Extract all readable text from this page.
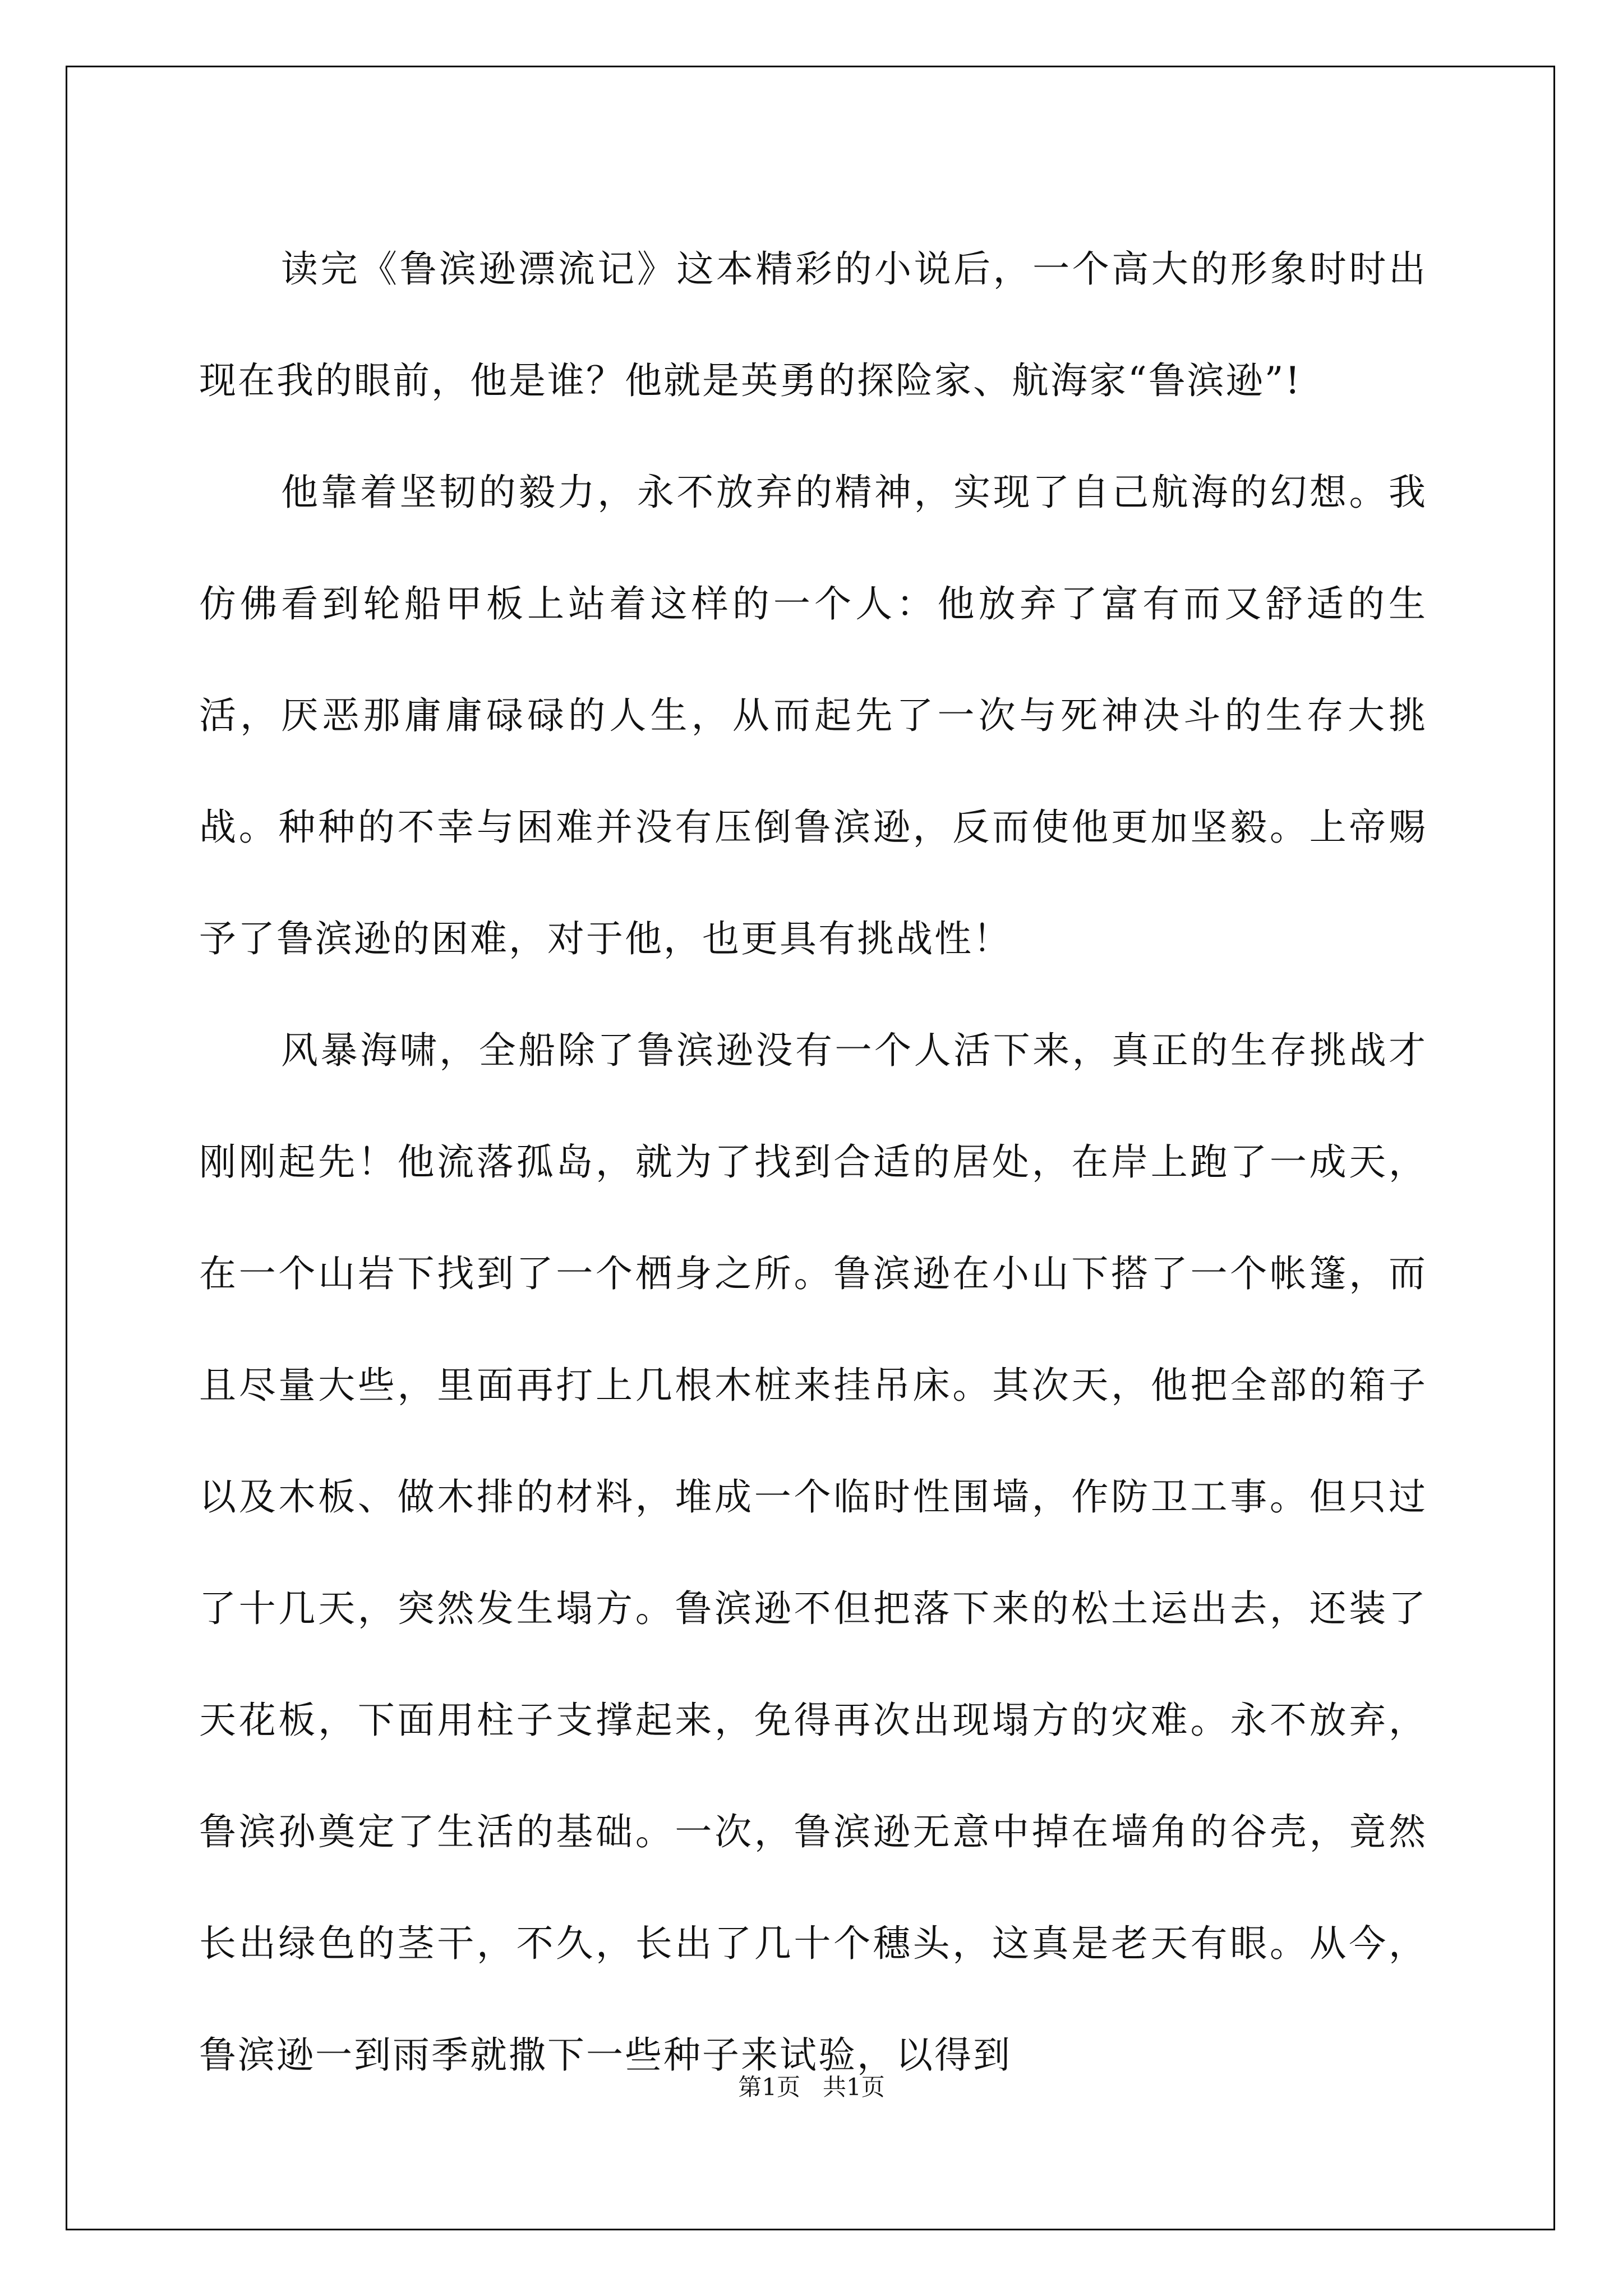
读完《鲁滨逊漂流记》这本精彩的小说后，一个高大的形象时时出现在我的眼前，他是谁？他就是英勇的探险家、航海家“鲁滨逊”!

他靠着坚韧的毅力，永不放弃的精神，实现了自己航海的幻想。我仿佛看到轮船甲板上站着这样的一个人：他放弃了富有而又舒适的生活，厌恶那庸庸碌碌的人生，从而起先了一次与死神决斗的生存大挑战。种种的不幸与困难并没有压倒鲁滨逊，反而使他更加坚毅。上帝赐予了鲁滨逊的困难，对于他，也更具有挑战性！

风暴海啸，全船除了鲁滨逊没有一个人活下来，真正的生存挑战才刚刚起先！他流落孤岛，就为了找到合适的居处，在岸上跑了一成天，在一个山岩下找到了一个栖身之所。鲁滨逊在小山下搭了一个帐篷，而且尽量大些，里面再打上几根木桩来挂吊床。其次天，他把全部的箱子以及木板、做木排的材料，堆成一个临时性围墙，作防卫工事。但只过了十几天，突然发生塌方。鲁滨逊不但把落下来的松土运出去，还装了天花板，下面用柱子支撑起来，免得再次出现塌方的灾难。永不放弃，鲁滨孙奠定了生活的基础。一次，鲁滨逊无意中掉在墙角的谷壳，竟然长出绿色的茎干，不久，长出了几十个穗头，这真是老天有眼。从今，鲁滨逊一到雨季就撒下一些种子来试验，以得到

第1页 共1页
